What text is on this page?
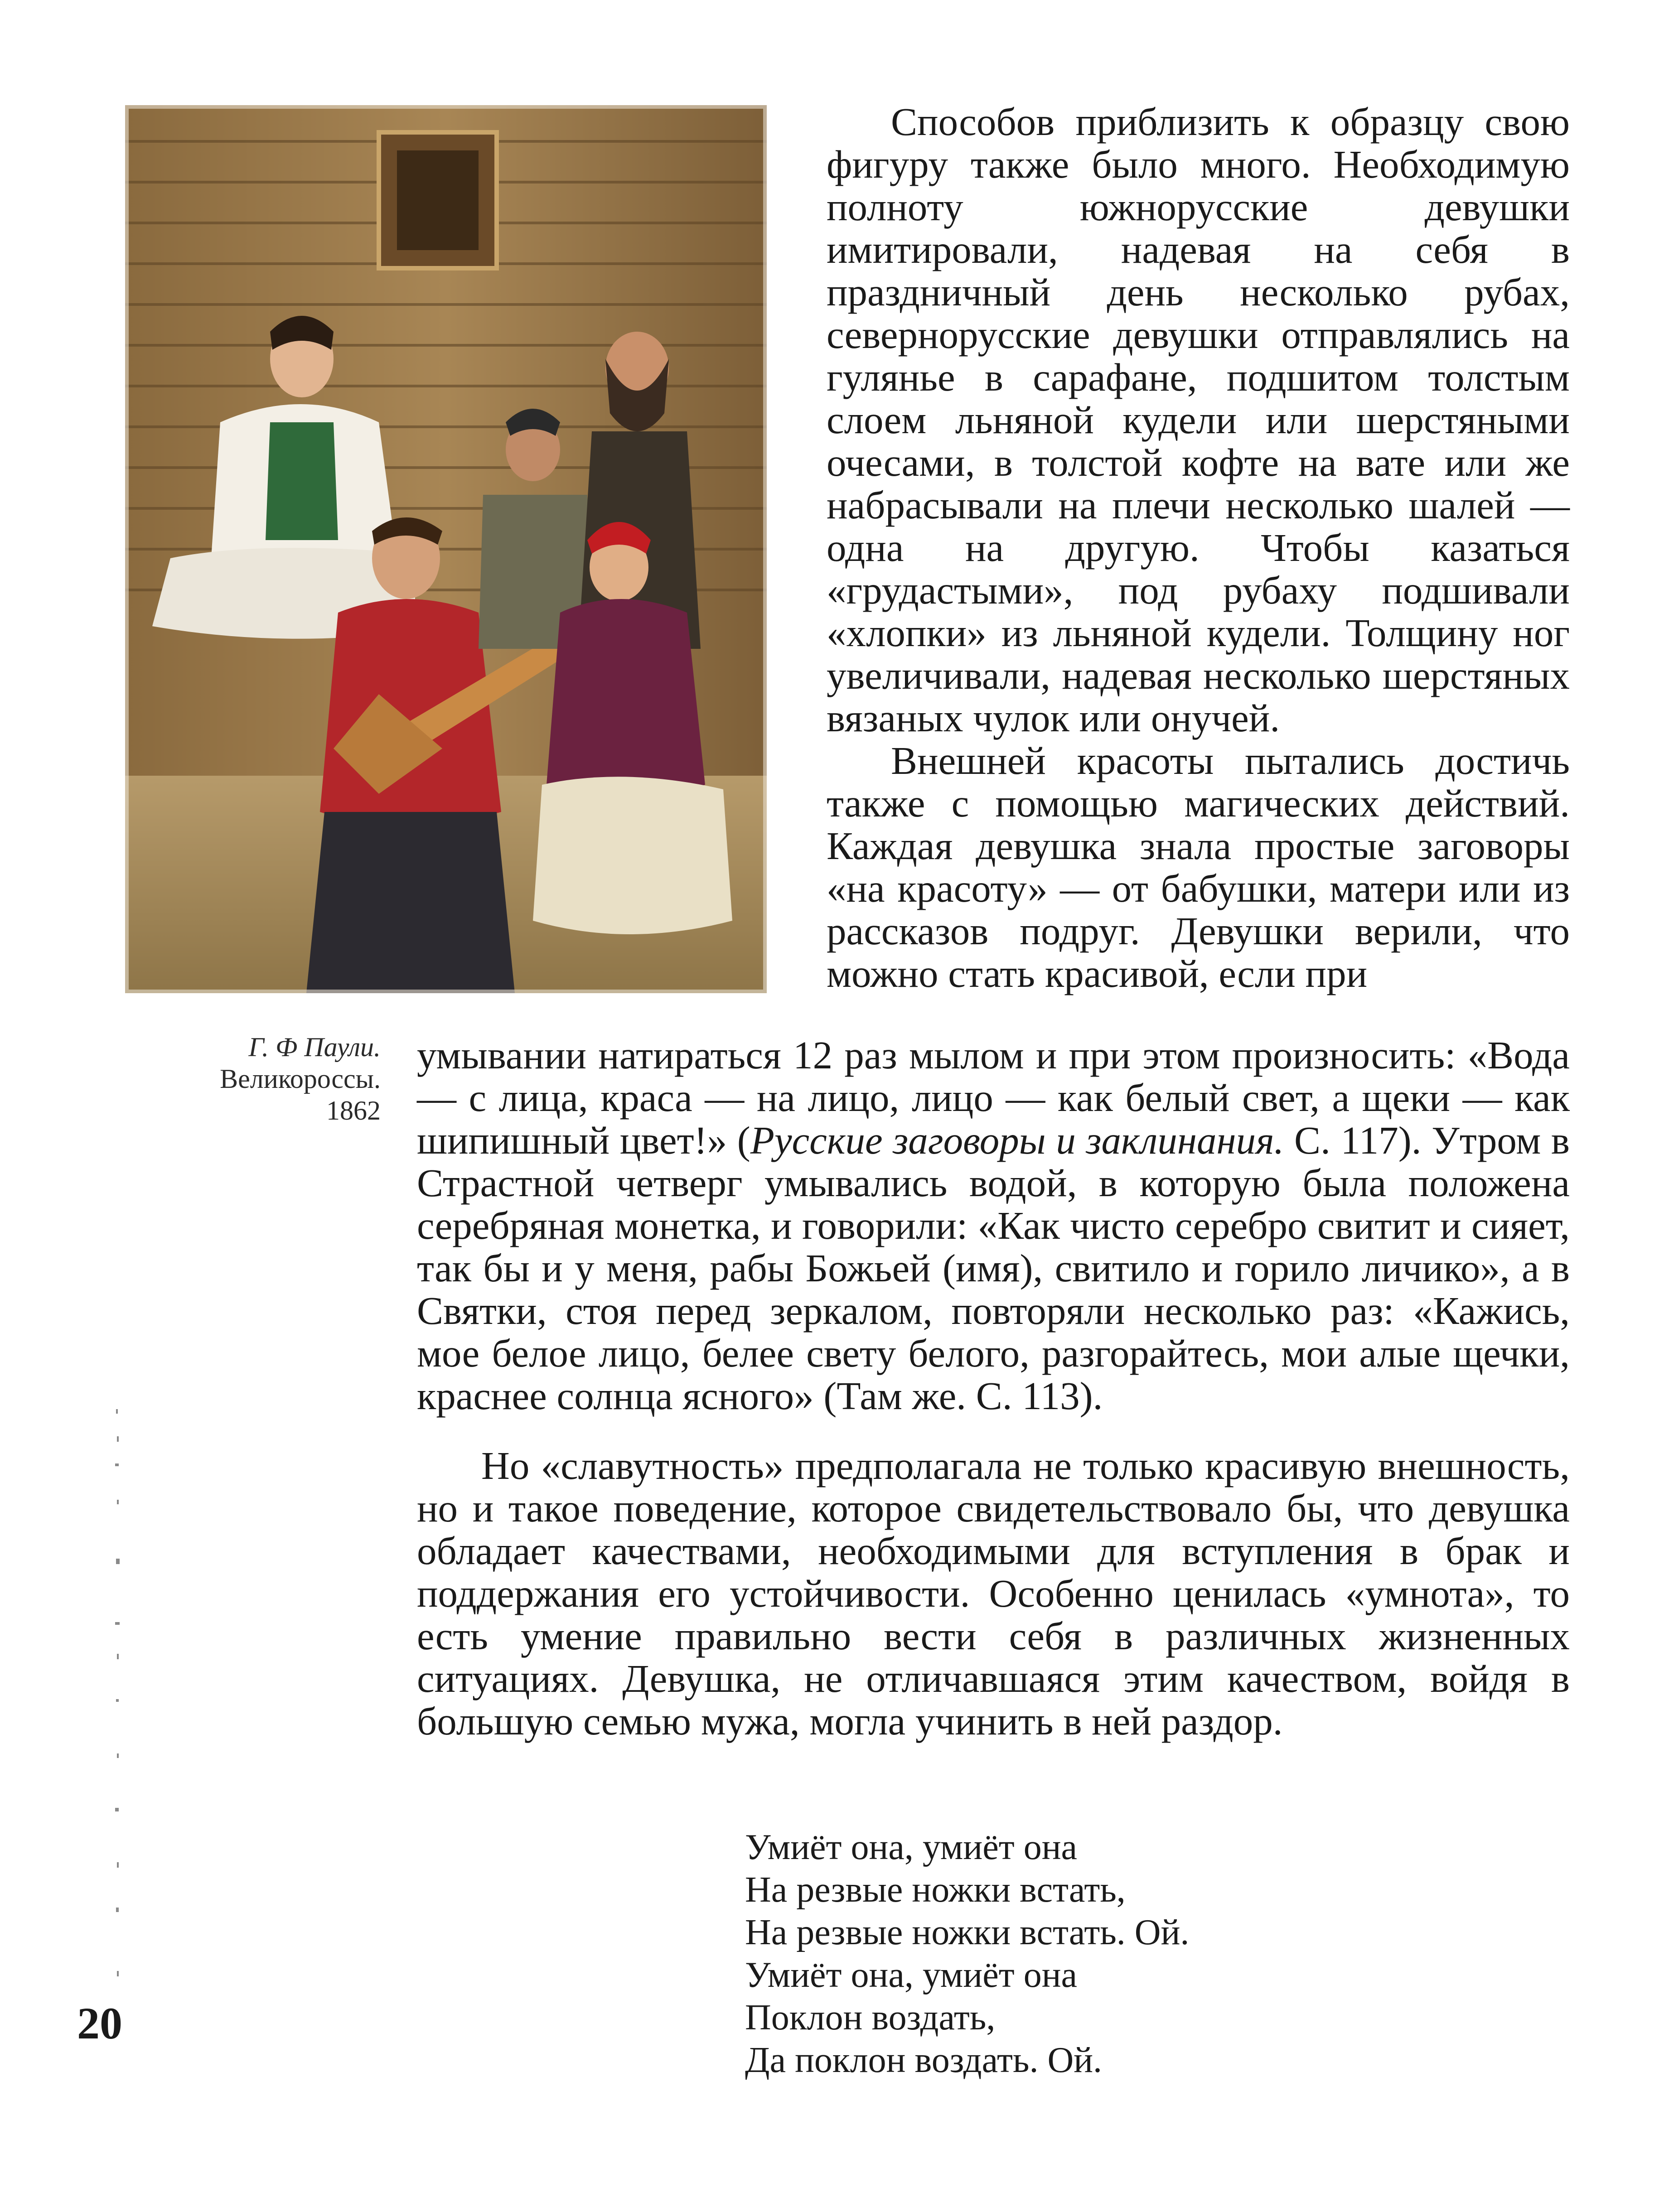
Г. Ф Паули.
Великороссы.
1862

Способов приблизить к образцу свою фигуру также было много. Необходимую полноту южнорусские девушки имитировали, надевая на себя в праздничный день несколько рубах, севернорусские девушки отправлялись на гулянье в сарафане, подшитом толстым слоем льняной кудели или шерстяными очесами, в толстой кофте на вате или же набрасывали на плечи несколько шалей — одна на другую. Чтобы казаться «грудастыми», под рубаху подшивали «хлопки» из льняной кудели. Толщину ног увеличивали, надевая несколько шерстяных вязаных чулок или онучей.

Внешней красоты пытались достичь также с помощью магических действий. Каждая девушка знала простые заговоры «на красоту» — от бабушки, матери или из рассказов подруг. Девушки верили, что можно стать красивой, если при

умывании натираться 12 раз мылом и при этом произносить: «Вода — с лица, краса — на лицо, лицо — как белый свет, а щеки — как шипишный цвет!» (Русские заговоры и заклинания. С. 117). Утром в Страстной четверг умывались водой, в которую была положена серебряная монетка, и говорили: «Как чисто серебро свитит и сияет, так бы и у меня, рабы Божьей (имя), свитило и горило личико», а в Святки, стоя перед зеркалом, повторяли несколько раз: «Кажись, мое белое лицо, белее свету белого, разгорайтесь, мои алые щечки, краснее солнца ясного» (Там же. С. 113).

Но «славутность» предполагала не только красивую внешность, но и такое поведение, которое свидетельствовало бы, что девушка обладает качествами, необходимыми для вступления в брак и поддержания его устойчивости. Особенно ценилась «умнота», то есть умение правильно вести себя в различных жизненных ситуациях. Девушка, не отличавшаяся этим качеством, войдя в большую семью мужа, могла учинить в ней раздор.

Умиёт она, умиёт она
На резвые ножки встать,
На резвые ножки встать. Ой.
Умиёт она, умиёт она
Поклон воздать,
Да поклон воздать. Ой.
20
